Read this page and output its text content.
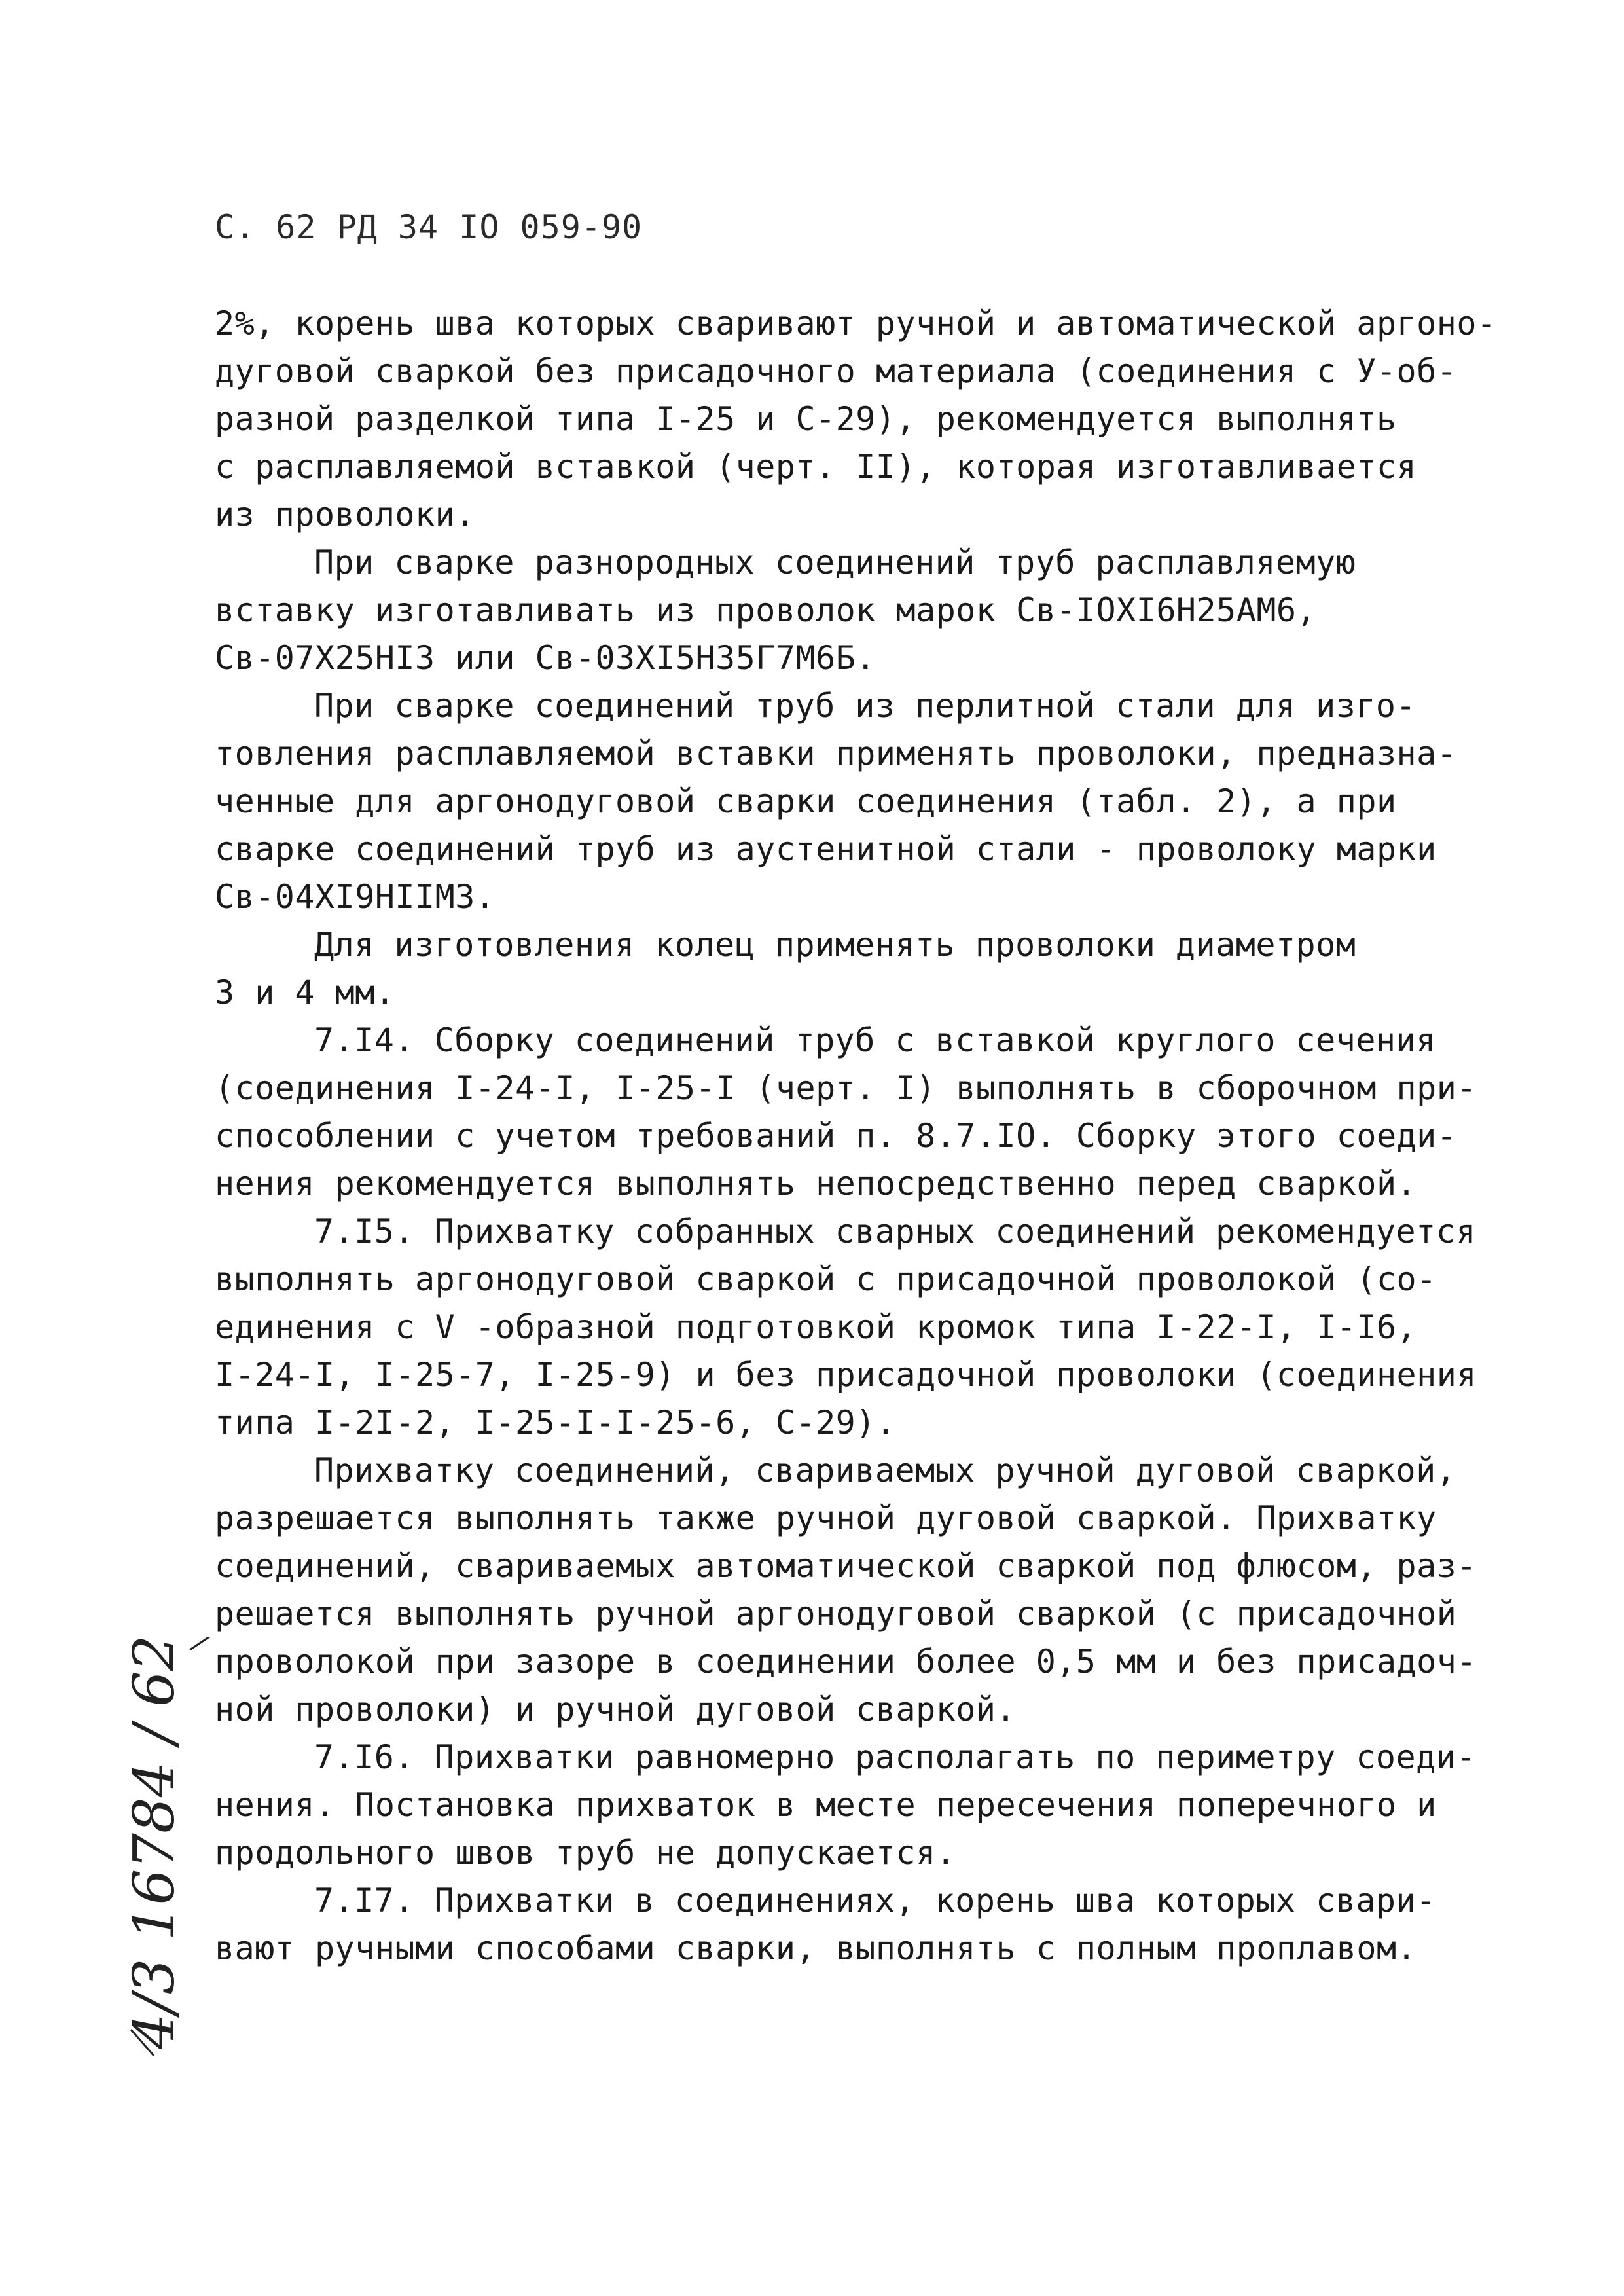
С. 62 РД 34 IO 059-90

2%, корень шва которых сваривают ручной и автоматической аргоно-
дуговой сваркой без присадочного материала (соединения с У-об-
разной разделкой типа I-25 и С-29), рекомендуется выполнять
с расплавляемой вставкой (черт. II), которая изготавливается
из проволоки.

При сварке разнородных соединений труб расплавляемую
вставку изготавливать из проволок марок Св-IOXI6H25AM6,
Св-07Х25НI3 или Св-03ХI5Н35Г7М6Б.

При сварке соединений труб из перлитной стали для изго-
товления расплавляемой вставки применять проволоки, предназна-
ченные для аргонодуговой сварки соединения (табл. 2), а при
сварке соединений труб из аустенитной стали - проволоку марки
Св-04ХI9НIIМ3.

Для изготовления колец применять проволоки диаметром
3 и 4 мм.

7.I4. Сборку соединений труб с вставкой круглого сечения
(соединения I-24-I, I-25-I (черт. I) выполнять в сборочном при-
способлении с учетом требований п. 8.7.IO. Сборку этого соеди-
нения рекомендуется выполнять непосредственно перед сваркой.

7.I5. Прихватку собранных сварных соединений рекомендуется
выполнять аргонодуговой сваркой с присадочной проволокой (со-
единения с V -образной подготовкой кромок типа I-22-I, I-I6,
I-24-I, I-25-7, I-25-9) и без присадочной проволоки (соединения
типа I-2I-2, I-25-I-I-25-6, С-29).

Прихватку соединений, свариваемых ручной дуговой сваркой,
разрешается выполнять также ручной дуговой сваркой. Прихватку
соединений, свариваемых автоматической сваркой под флюсом, раз-
решается выполнять ручной аргонодуговой сваркой (с присадочной
проволокой при зазоре в соединении более 0,5 мм и без присадоч-
ной проволоки) и ручной дуговой сваркой.

7.I6. Прихватки равномерно располагать по периметру соеди-
нения. Постановка прихваток в месте пересечения поперечного и
продольного швов труб не допускается.

7.I7. Прихватки в соединениях, корень шва которых свари-
вают ручными способами сварки, выполнять с полным проплавом.

4/3 16784 / 62
